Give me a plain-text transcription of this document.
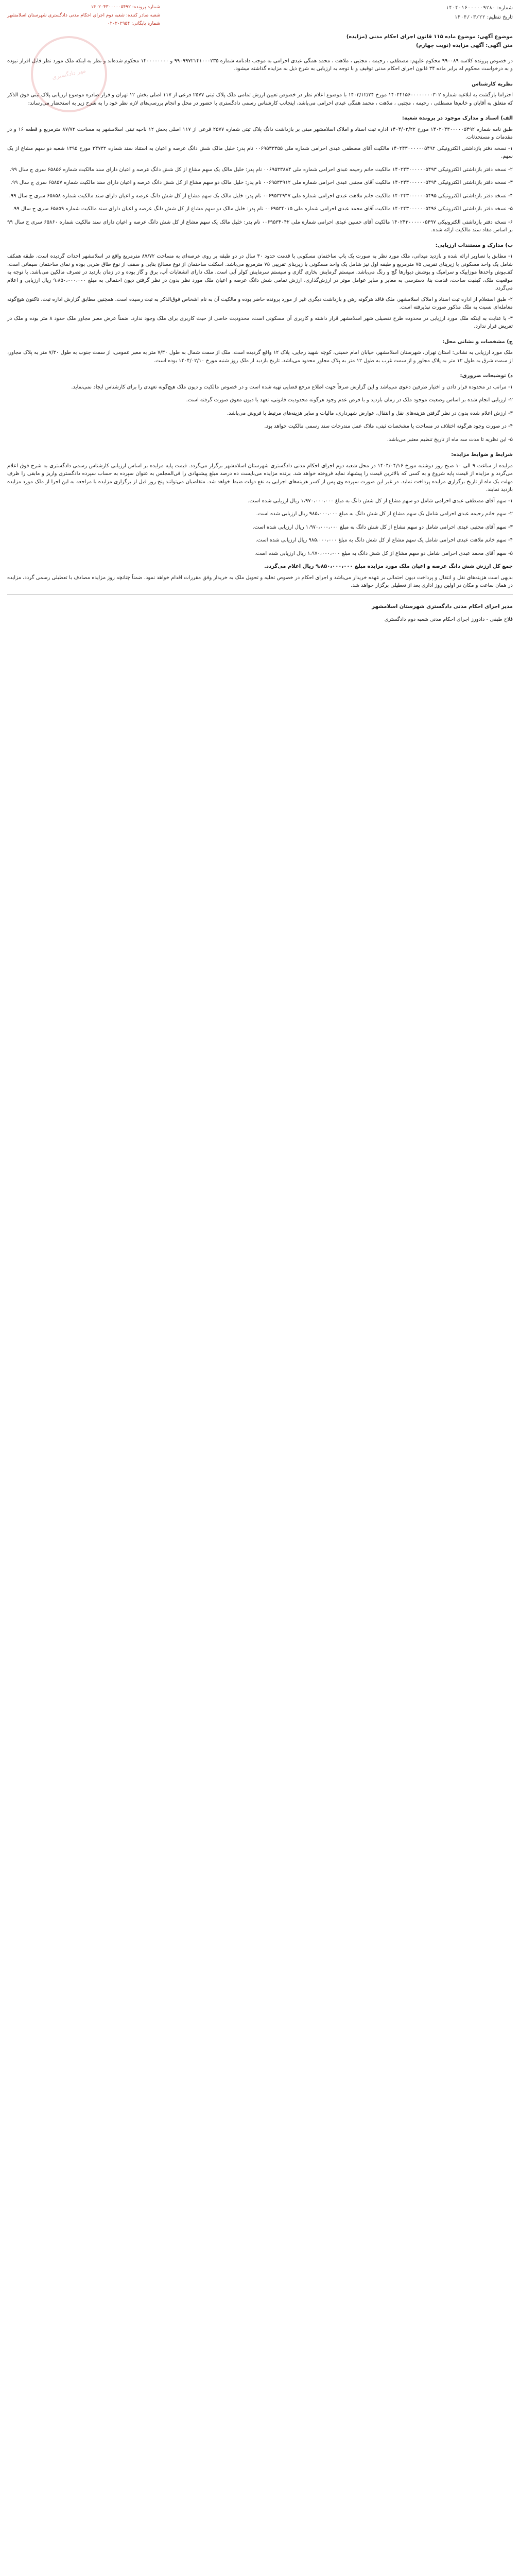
مهر دادگستری
شماره: ۱۴۰۴۰۱۶۰۰۰۰۰۹۲۸۰
تاریخ تنظیم: ۱۴۰۴/۰۳/۲۲
شماره پرونده: ۱۴۰۲۰۴۳۰۰۰۰۰۵۴۹۲
شعبه صادر کننده: شعبه دوم اجرای احکام مدنی دادگستری شهرستان اسلامشهر
شماره بایگانی: ۰۲۰۲۰۲۹۵۴

موضوع آگهی: موضوع ماده ۱۱۵ قانون اجرای احکام مدنی (مزایده)

متن آگهی: آگهی مزایده (نوبت چهارم)

در خصوص پرونده کلاسه ۹۹۰۰۸۹ محکوم علیهم: مصطفی ، رحیمه ، مجتبی ، ملاهت ، محمد همگی عبدی احرامی به موجب دادنامه شماره ۹۹۰۹۹۷۲۱۴۱۰۰۰۲۳۵ و ۱۴۰۰۰۰۰۰۰۰ محکوم شده‌اند و نظر به اینکه ملک مورد نظر قابل افراز نبوده و به درخواست محکوم له برابر ماده ۳۴ قانون اجرای احکام مدنی توقیف و با توجه به ارزیابی به شرح ذیل به مزایده گذاشته میشود.

نظریه کارشناس

احتراما بازگشت به ابلاغیه شماره ۱۴۰۴۴۱۵۶۰۰۰۰۰۰۰۰۳۰۲ مورخ ۱۴۰۳/۱۲/۲۴ با موضوع اعلام نظر در خصوص تعیین ارزش تمامی ملک پلاک ثبتی ۲۵۷۷ فرعی از ۱۱۷ اصلی بخش ۱۲ تهران و قرار صادره موضوع ارزیابی پلاک ثبتی فوق الذکر که متعلق به آقایان و خانم‌ها مصطفی ، رحیمه ، مجتبی ، ملاهت ، محمد همگی عبدی احرامی می‌باشد، اینجانب کارشناس رسمی دادگستری با حضور در محل و انجام بررسی‌های لازم نظر خود را به شرح زیر به استحضار می‌رساند:

الف) اسناد و مدارک موجود در پرونده شعبه:

طبق نامه شماره ۱۴۰۲۰۴۳۰۰۰۰۰۵۴۹۲ مورخ ۱۴۰۴/۰۳/۲۲ اداره ثبت اسناد و املاک اسلامشهر مبنی بر بازداشت دانگ پلاک ثبتی شماره ۲۵۷۷ فرعی از ۱۱۷ اصلی بخش ۱۲ ناحیه ثبتی اسلامشهر به مساحت ۸۷/۷۲ مترمربع و قطعه ۱۶ و در مقدمات و مستحدثات.

۱- نسخه دفتر بازداشتی الکترونیکی ۱۴۰۲۴۳۰۰۰۰۰۰۵۴۹۲ مالکیت آقای مصطفی عبدی احرامی شماره ملی ۰۰۶۹۵۳۳۳۵۵ نام پدر: خلیل مالک شش دانگ عرصه و اعیان به استناد سند شماره ۳۴۷۳۲ مورخ ۱۳۹۵ شعبه دو سهم مشاع از یک سهم.
۲- نسخه دفتر بازداشتی الکترونیکی ۱۴۰۲۴۳۰۰۰۰۰۰۵۴۹۳ مالکیت خانم رحیمه عبدی احرامی شماره ملی ۰۰۶۹۵۳۳۸۸۴ نام پدر: خلیل مالک یک سهم مشاع از کل شش دانگ عرصه و اعیان دارای سند مالکیت شماره ۶۵۸۵۶ سری ج سال ۹۹.
۳- نسخه دفتر بازداشتی الکترونیکی ۱۴۰۲۴۳۰۰۰۰۰۰۵۴۹۴ مالکیت آقای مجتبی عبدی احرامی شماره ملی ۰۰۶۹۵۳۳۹۱۲ نام پدر: خلیل مالک دو سهم مشاع از کل شش دانگ عرصه و اعیان دارای سند مالکیت شماره ۶۵۸۵۷ سری ج سال ۹۹.
۴- نسخه دفتر بازداشتی الکترونیکی ۱۴۰۲۴۳۰۰۰۰۰۰۵۴۹۵ مالکیت خانم ملاهت عبدی احرامی شماره ملی ۰۰۶۹۵۳۳۹۴۷ نام پدر: خلیل مالک یک سهم مشاع از کل شش دانگ عرصه و اعیان دارای سند مالکیت شماره ۶۵۸۵۸ سری ج سال ۹۹.
۵- نسخه دفتر بازداشتی الکترونیکی ۱۴۰۲۴۳۰۰۰۰۰۰۵۴۹۶ مالکیت آقای محمد عبدی احرامی شماره ملی ۰۰۶۹۵۳۴۰۱۵ نام پدر: خلیل مالک دو سهم مشاع از کل شش دانگ عرصه و اعیان دارای سند مالکیت شماره ۶۵۸۵۹ سری ج سال ۹۹.
۶- نسخه دفتر بازداشتی الکترونیکی ۱۴۰۲۴۳۰۰۰۰۰۰۵۴۹۷ مالکیت آقای حسین عبدی احرامی شماره ملی ۰۰۶۹۵۳۴۰۴۲ نام پدر: خلیل مالک یک سهم مشاع از کل شش دانگ عرصه و اعیان دارای سند مالکیت شماره ۶۵۸۶۰ سری ج سال ۹۹ بر اساس مفاد سند مالکیت ارائه شده.

ب) مدارک و مستندات ارزیابی:

۱- مطابق با تصاویر ارائه شده و بازدید میدانی، ملک مورد نظر به صورت یک باب ساختمان مسکونی با قدمت حدود ۳۰ سال در دو طبقه بر روی عرصه‌ای به مساحت ۸۷/۷۲ مترمربع واقع در اسلامشهر احداث گردیده است. طبقه همکف شامل یک واحد مسکونی با زیربنای تقریبی ۷۵ مترمربع و طبقه اول نیز شامل یک واحد مسکونی با زیربنای تقریبی ۷۵ مترمربع می‌باشد. اسکلت ساختمان از نوع مصالح بنایی و سقف از نوع طاق ضربی بوده و نمای ساختمان سیمانی است. کف‌پوش واحدها موزاییک و سرامیک و پوشش دیوارها گچ و رنگ می‌باشد. سیستم گرمایش بخاری گازی و سیستم سرمایش کولر آبی است. ملک دارای انشعابات آب، برق و گاز بوده و در زمان بازدید در تصرف مالکین می‌باشد. با توجه به موقعیت ملک، کیفیت ساخت، قدمت بنا، دسترسی به معابر و سایر عوامل موثر در ارزش‌گذاری، ارزش تمامی شش دانگ عرصه و اعیان ملک مورد نظر بدون در نظر گرفتن دیون احتمالی به مبلغ ۹،۸۵۰،۰۰۰،۰۰۰ ریال ارزیابی و اعلام می‌گردد.

۲- طبق استعلام از اداره ثبت اسناد و املاک اسلامشهر، ملک فاقد هرگونه رهن و بازداشت دیگری غیر از مورد پرونده حاضر بوده و مالکیت آن به نام اشخاص فوق‌الذکر به ثبت رسیده است. همچنین مطابق گزارش اداره ثبت، تاکنون هیچ‌گونه معامله‌ای نسبت به ملک مذکور صورت نپذیرفته است.

۳- با عنایت به اینکه ملک مورد ارزیابی در محدوده طرح تفصیلی شهر اسلامشهر قرار داشته و کاربری آن مسکونی است، محدودیت خاصی از حیث کاربری برای ملک وجود ندارد. ضمناً عرض معبر مجاور ملک حدود ۸ متر بوده و ملک در تعریض قرار ندارد.

ج) مشخصات و نشانی محل:

ملک مورد ارزیابی به نشانی: استان تهران، شهرستان اسلامشهر، خیابان امام خمینی، کوچه شهید رجایی، پلاک ۱۲ واقع گردیده است. ملک از سمت شمال به طول ۷/۳۰ متر به معبر عمومی، از سمت جنوب به طول ۷/۳۰ متر به پلاک مجاور، از سمت شرق به طول ۱۲ متر به پلاک مجاور و از سمت غرب به طول ۱۲ متر به پلاک مجاور محدود می‌باشد. تاریخ بازدید از ملک روز شنبه مورخ ۱۴۰۴/۰۲/۱۰ بوده است.

د) توضیحات ضروری:

۱- مراتب در محدوده قرار دادن و اختیار طرفین دعوی می‌باشد و این گزارش صرفاً جهت اطلاع مرجع قضایی تهیه شده است و در خصوص مالکیت و دیون ملک هیچ‌گونه تعهدی را برای کارشناس ایجاد نمی‌نماید.
۲- ارزیابی انجام شده بر اساس وضعیت موجود ملک در زمان بازدید و با فرض عدم وجود هرگونه محدودیت قانونی، تعهد یا دیون معوق صورت گرفته است.
۳- ارزش اعلام شده بدون در نظر گرفتن هزینه‌های نقل و انتقال، عوارض شهرداری، مالیات و سایر هزینه‌های مرتبط با فروش می‌باشد.
۴- در صورت وجود هرگونه اختلاف در مساحت یا مشخصات ثبتی، ملاک عمل مندرجات سند رسمی مالکیت خواهد بود.
۵- این نظریه تا مدت سه ماه از تاریخ تنظیم معتبر می‌باشد.

شرایط و ضوابط مزایده:

مزایده از ساعت ۹ الی ۱۰ صبح روز دوشنبه مورخ ۱۴۰۴/۰۴/۱۶ در محل شعبه دوم اجرای احکام مدنی دادگستری شهرستان اسلامشهر برگزار می‌گردد. قیمت پایه مزایده بر اساس ارزیابی کارشناس رسمی دادگستری به شرح فوق اعلام می‌گردد و مزایده از قیمت پایه شروع و به کسی که بالاترین قیمت را پیشنهاد نماید فروخته خواهد شد. برنده مزایده می‌بایست ده درصد مبلغ پیشنهادی را فی‌المجلس به عنوان سپرده به حساب سپرده دادگستری واریز و مابقی را ظرف مهلت یک ماه از تاریخ برگزاری مزایده پرداخت نماید. در غیر این صورت سپرده وی پس از کسر هزینه‌های اجرایی به نفع دولت ضبط خواهد شد. متقاضیان می‌توانند پنج روز قبل از برگزاری مزایده با مراجعه به این اجرا از ملک مورد مزایده بازدید نمایند.

۱- سهم آقای مصطفی عبدی احرامی شامل دو سهم مشاع از کل شش دانگ به مبلغ ۱،۹۷۰،۰۰۰،۰۰۰ ریال ارزیابی شده است.
۲- سهم خانم رحیمه عبدی احرامی شامل یک سهم مشاع از کل شش دانگ به مبلغ ۹۸۵،۰۰۰،۰۰۰ ریال ارزیابی شده است.
۳- سهم آقای مجتبی عبدی احرامی شامل دو سهم مشاع از کل شش دانگ به مبلغ ۱،۹۷۰،۰۰۰،۰۰۰ ریال ارزیابی شده است.
۴- سهم خانم ملاهت عبدی احرامی شامل یک سهم مشاع از کل شش دانگ به مبلغ ۹۸۵،۰۰۰،۰۰۰ ریال ارزیابی شده است.
۵- سهم آقای محمد عبدی احرامی شامل دو سهم مشاع از کل شش دانگ به مبلغ ۱،۹۷۰،۰۰۰،۰۰۰ ریال ارزیابی شده است.

جمع کل ارزش شش دانگ عرصه و اعیان ملک مورد مزایده مبلغ ۹،۸۵۰،۰۰۰،۰۰۰ ریال اعلام می‌گردد.

بدیهی است هزینه‌های نقل و انتقال و پرداخت دیون احتمالی بر عهده خریدار می‌باشد و اجرای احکام در خصوص تخلیه و تحویل ملک به خریدار وفق مقررات اقدام خواهد نمود. ضمناً چنانچه روز مزایده مصادف با تعطیلی رسمی گردد، مزایده در همان ساعت و مکان در اولین روز اداری بعد از تعطیلی برگزار خواهد شد.

مدیر اجرای احکام مدنی دادگستری شهرستان اسلامشهر

فلاح طبقی - دادورز اجرای احکام مدنی شعبه دوم دادگستری
